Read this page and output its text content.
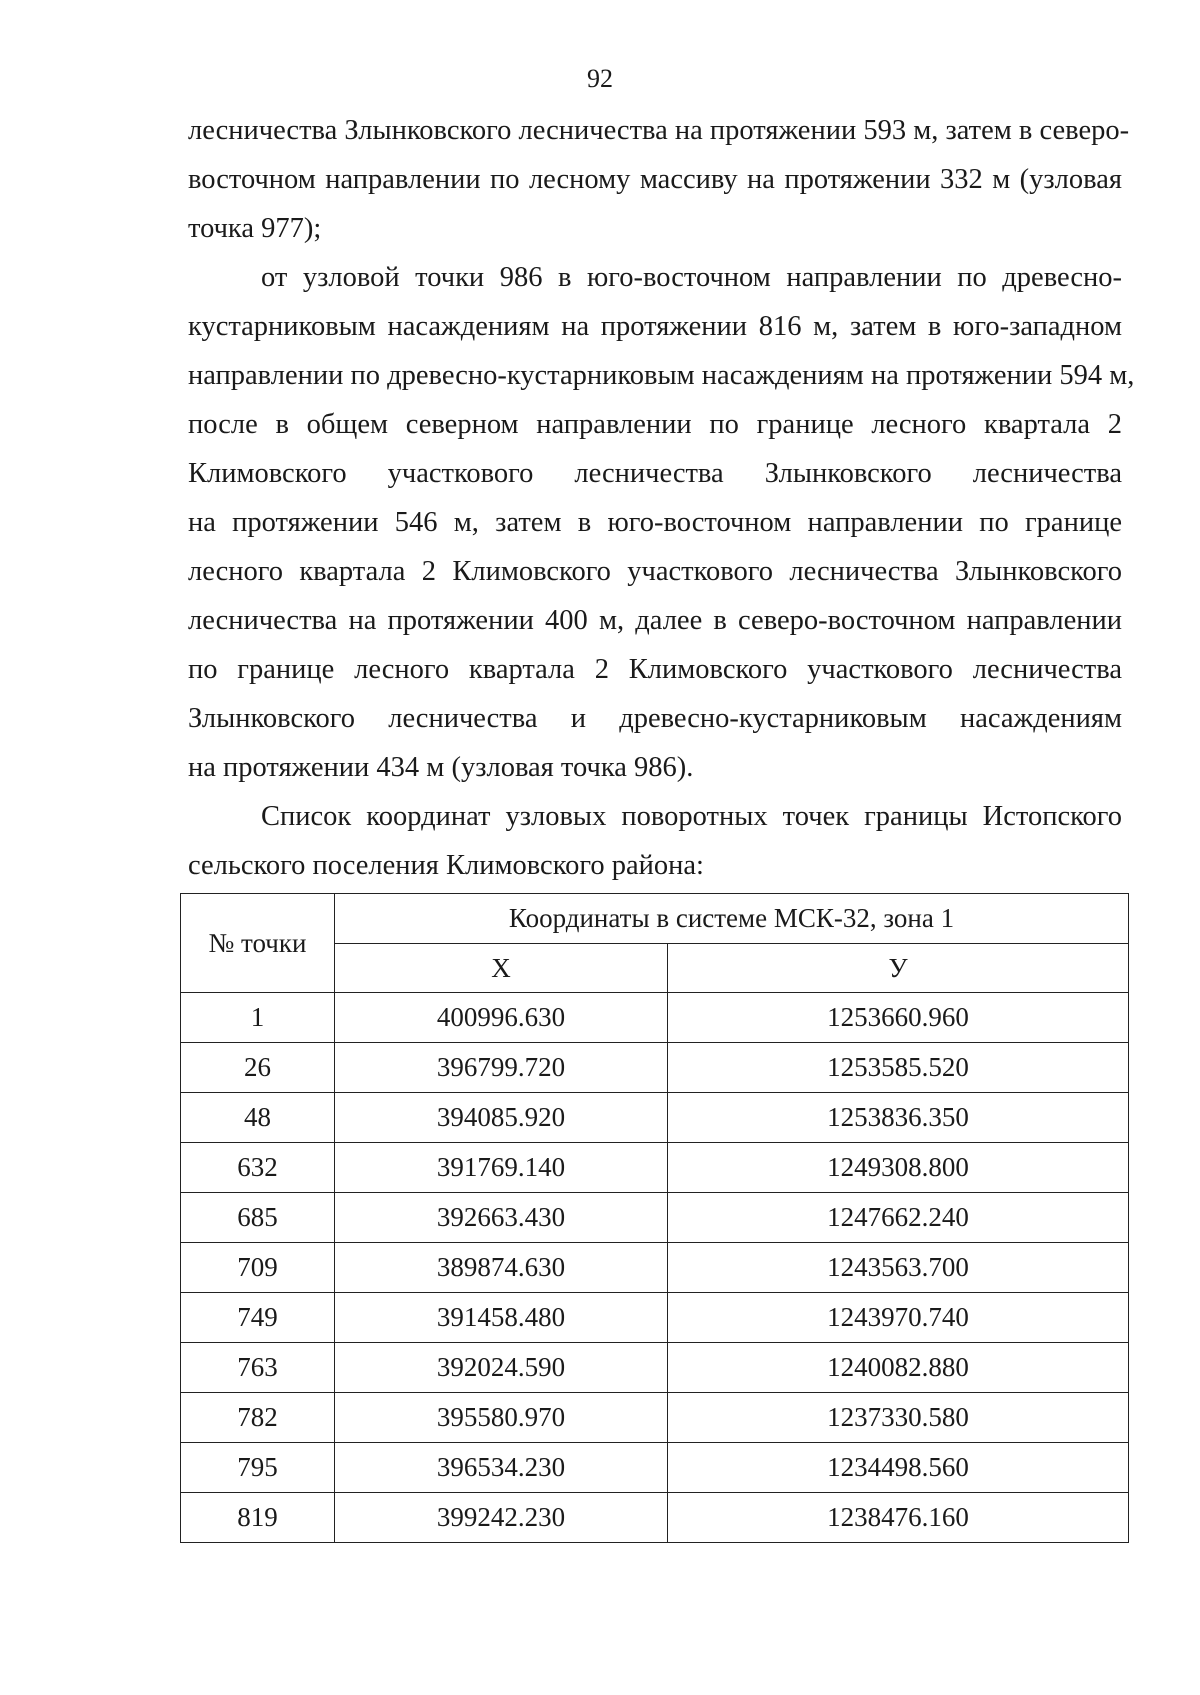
92
лесничества Злынковского лесничества на протяжении 593 м, затем в северо-
восточном направлении по лесному массиву на протяжении 332 м (узловая
точка 977);
от узловой точки 986 в юго-восточном направлении по древесно-
кустарниковым насаждениям на протяжении 816 м, затем в юго-западном
направлении по древесно-кустарниковым насаждениям на протяжении 594 м,
после в общем северном направлении по границе лесного квартала 2
Климовского участкового лесничества Злынковского лесничества
на протяжении 546 м, затем в юго-восточном направлении по границе
лесного квартала 2 Климовского участкового лесничества Злынковского
лесничества на протяжении 400 м, далее в северо-восточном направлении
по границе лесного квартала 2 Климовского участкового лесничества
Злынковского лесничества и древесно-кустарниковым насаждениям
на протяжении 434 м (узловая точка 986).
Список координат узловых поворотных точек границы Истопского
сельского поселения Климовского района:
№ точки	Координаты в системе МСК-32, зона 1	
	X	У
1	400996.630	1253660.960
26	396799.720	1253585.520
48	394085.920	1253836.350
632	391769.140	1249308.800
685	392663.430	1247662.240
709	389874.630	1243563.700
749	391458.480	1243970.740
763	392024.590	1240082.880
782	395580.970	1237330.580
795	396534.230	1234498.560
819	399242.230	1238476.160
